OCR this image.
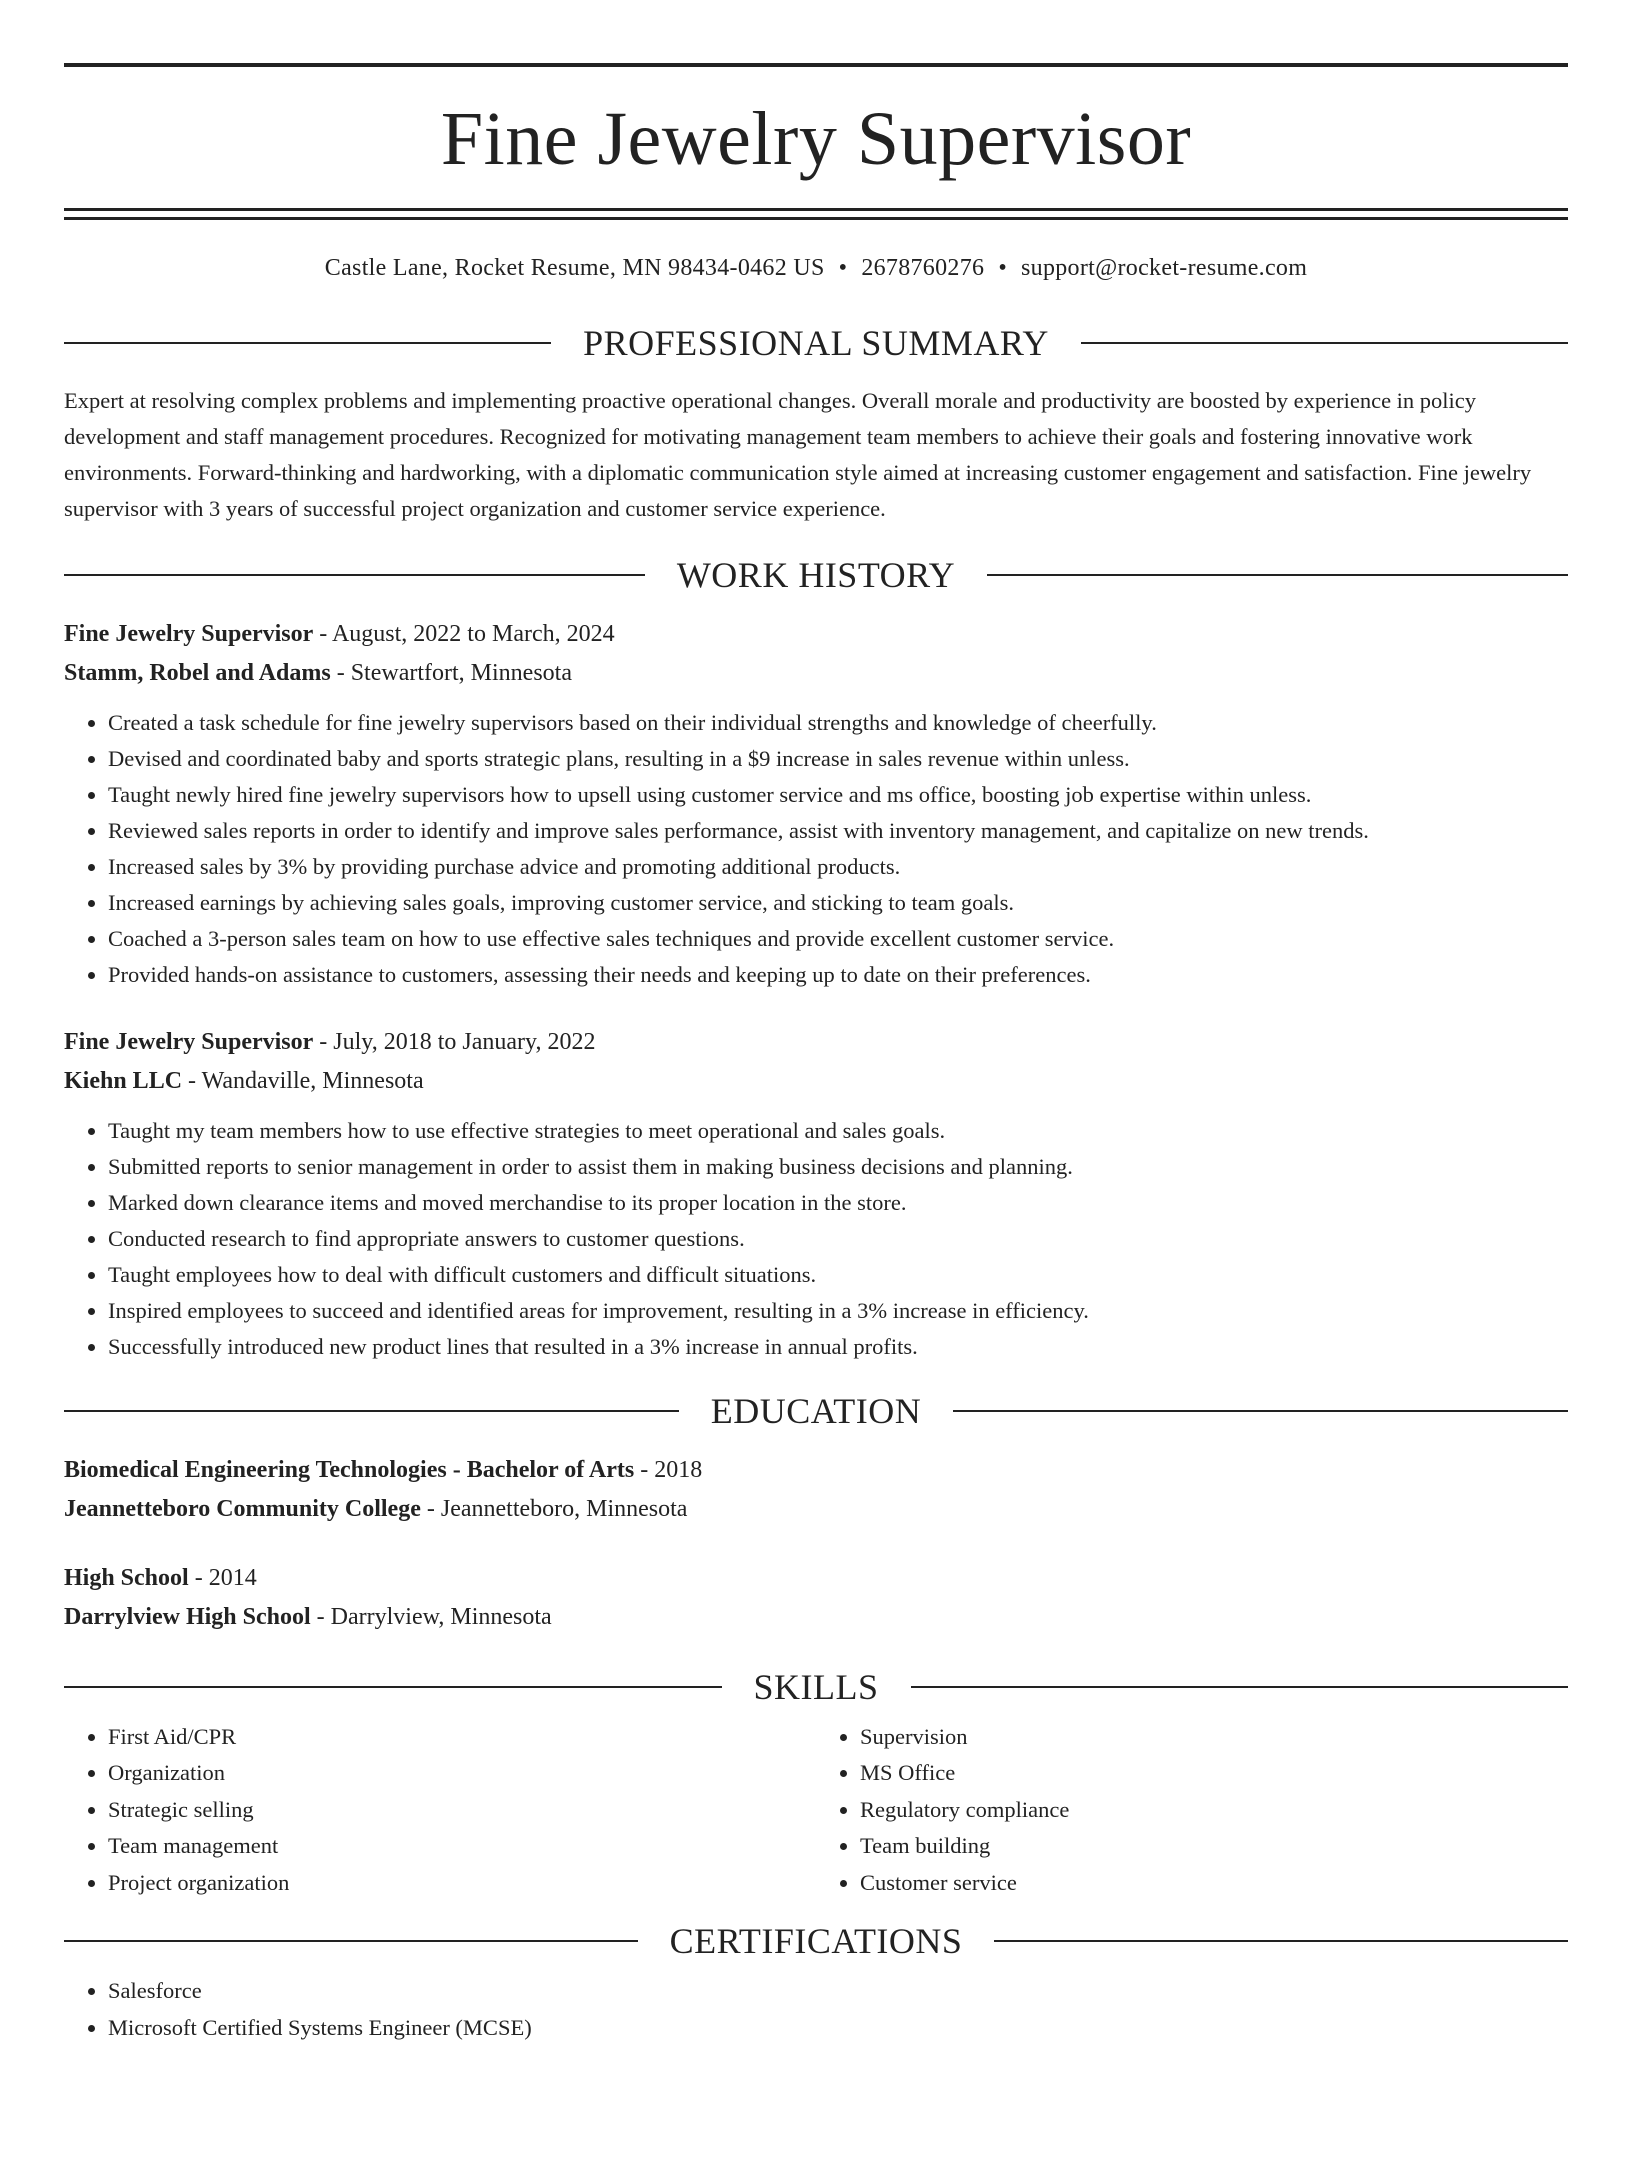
Fine Jewelry Supervisor
Castle Lane, Rocket Resume, MN 98434-0462 US • 2678760276 • support@rocket-resume.com
PROFESSIONAL SUMMARY

Expert at resolving complex problems and implementing proactive operational changes. Overall morale and productivity are boosted by experience in policy development and staff management procedures. Recognized for motivating management team members to achieve their goals and fostering innovative work environments. Forward-thinking and hardworking, with a diplomatic communication style aimed at increasing customer engagement and satisfaction. Fine jewelry supervisor with 3 years of successful project organization and customer service experience.

WORK HISTORY
Fine Jewelry Supervisor - August, 2022 to March, 2024
Stamm, Robel and Adams - Stewartfort, Minnesota
• Created a task schedule for fine jewelry supervisors based on their individual strengths and knowledge of cheerfully.
• Devised and coordinated baby and sports strategic plans, resulting in a $9 increase in sales revenue within unless.
• Taught newly hired fine jewelry supervisors how to upsell using customer service and ms office, boosting job expertise within unless.
• Reviewed sales reports in order to identify and improve sales performance, assist with inventory management, and capitalize on new trends.
• Increased sales by 3% by providing purchase advice and promoting additional products.
• Increased earnings by achieving sales goals, improving customer service, and sticking to team goals.
• Coached a 3-person sales team on how to use effective sales techniques and provide excellent customer service.
• Provided hands-on assistance to customers, assessing their needs and keeping up to date on their preferences.
Fine Jewelry Supervisor - July, 2018 to January, 2022
Kiehn LLC - Wandaville, Minnesota
• Taught my team members how to use effective strategies to meet operational and sales goals.
• Submitted reports to senior management in order to assist them in making business decisions and planning.
• Marked down clearance items and moved merchandise to its proper location in the store.
• Conducted research to find appropriate answers to customer questions.
• Taught employees how to deal with difficult customers and difficult situations.
• Inspired employees to succeed and identified areas for improvement, resulting in a 3% increase in efficiency.
• Successfully introduced new product lines that resulted in a 3% increase in annual profits.
EDUCATION
Biomedical Engineering Technologies - Bachelor of Arts - 2018
Jeannetteboro Community College - Jeannetteboro, Minnesota
High School - 2014
Darrylview High School - Darrylview, Minnesota
SKILLS
• First Aid/CPR
• Organization
• Strategic selling
• Team management
• Project organization
• Supervision
• MS Office
• Regulatory compliance
• Team building
• Customer service
CERTIFICATIONS
• Salesforce
• Microsoft Certified Systems Engineer (MCSE)
